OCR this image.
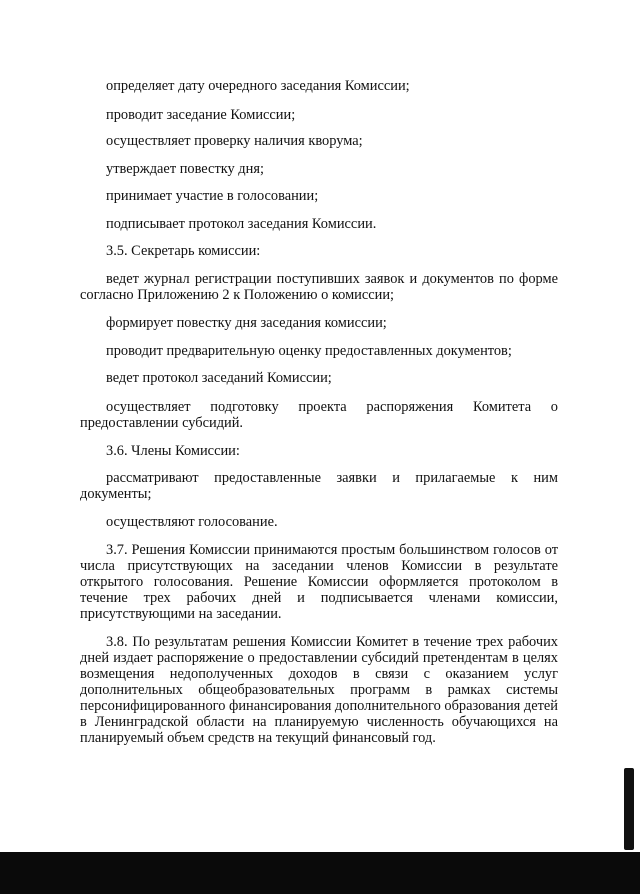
определяет дату очередного заседания Комиссии;

проводит заседание Комиссии;

осуществляет проверку наличия кворума;

утверждает повестку дня;

принимает участие в голосовании;

подписывает протокол заседания Комиссии.

3.5. Секретарь комиссии:

ведет журнал регистрации поступивших заявок и документов по форме согласно Приложению 2 к Положению о комиссии;

формирует повестку дня заседания комиссии;

проводит предварительную оценку предоставленных документов;

ведет протокол заседаний Комиссии;

осуществляет подготовку проекта распоряжения Комитета о предоставлении субсидий.

3.6. Члены Комиссии:

рассматривают предоставленные заявки и прилагаемые к ним документы;

осуществляют голосование.

3.7. Решения Комиссии принимаются простым большинством голосов от числа присутствующих на заседании членов Комиссии в результате открытого голосования. Решение Комиссии оформляется протоколом в течение трех рабочих дней и подписывается членами комиссии, присутствующими на заседании.

3.8. По результатам решения Комиссии Комитет в течение трех рабочих дней издает распоряжение о предоставлении субсидий претендентам в целях возмещения недополученных доходов в связи с оказанием услуг дополнительных общеобразовательных программ в рамках системы персонифицированного финансирования дополнительного образования детей в Ленинградской области на планируемую численность обучающихся на планируемый объем средств на текущий финансовый год.
